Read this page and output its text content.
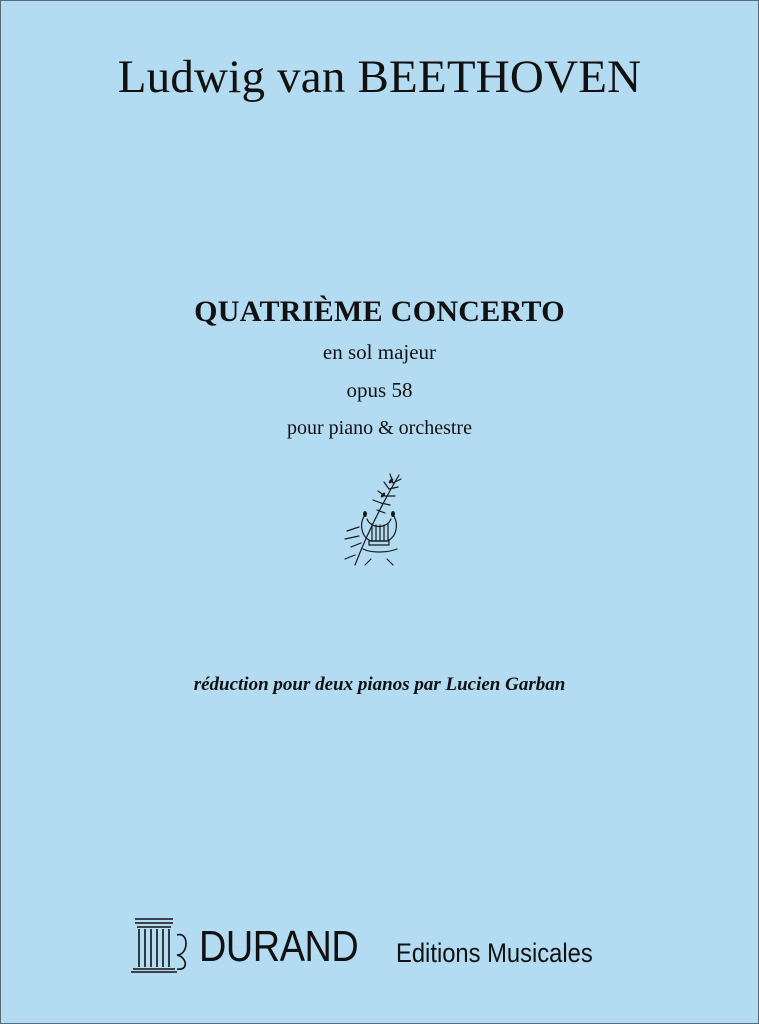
Ludwig van BEETHOVEN
QUATRIÈME CONCERTO
en sol majeur
opus 58
pour piano & orchestre
réduction pour deux pianos par Lucien Garban
DURAND Editions Musicales
